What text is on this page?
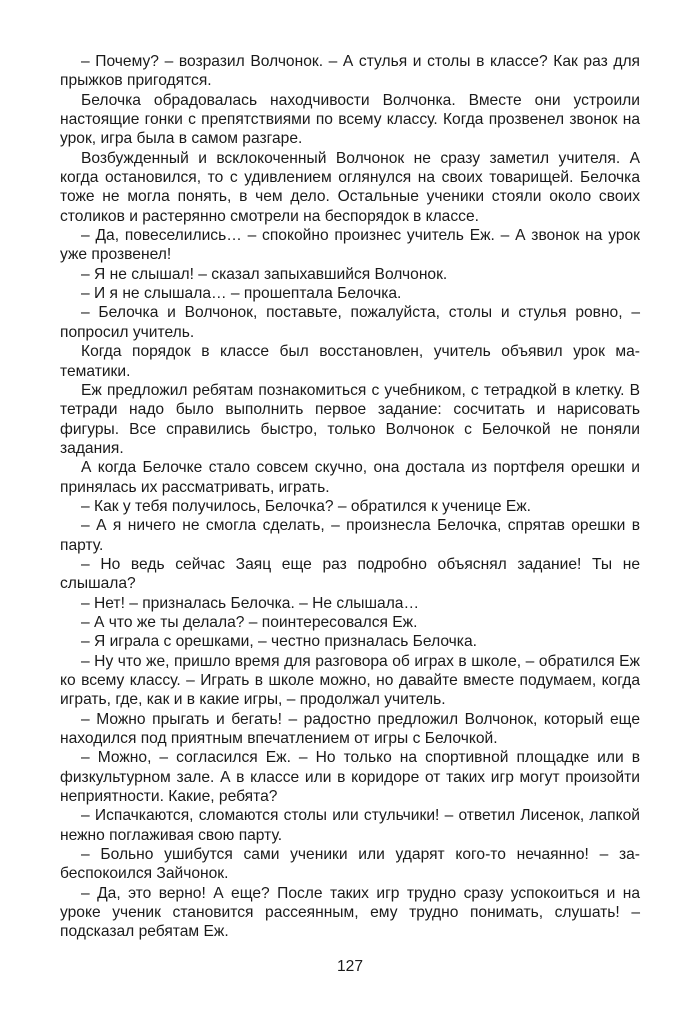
– Почему? – возразил Волчонок. – А стулья и столы в классе? Как раз для прыжков пригодятся.

Белочка обрадовалась находчивости Волчонка. Вместе они устроили настоящие гонки с препятствиями по всему классу. Когда прозвенел звонок на урок, игра была в самом разгаре.

Возбужденный и всклокоченный Волчонок не сразу заметил учителя. А когда остановился, то с удивлением оглянулся на своих товарищей. Белочка тоже не могла понять, в чем дело. Остальные ученики стояли около своих столиков и растерянно смотрели на беспорядок в классе.

– Да, повеселились… – спокойно произнес учитель Еж. – А звонок на урок уже прозвенел!

– Я не слышал! – сказал запыхавшийся Волчонок.

– И я не слышала… – прошептала Белочка.

– Белочка и Волчонок, поставьте, пожалуйста, столы и стулья ровно, – попросил учитель.

Когда порядок в классе был восстановлен, учитель объявил урок математики.

Еж предложил ребятам познакомиться с учебником, с тетрадкой в клетку. В тетради надо было выполнить первое задание: сосчитать и нарисовать фигуры. Все справились быстро, только Волчонок с Белочкой не поняли задания.

А когда Белочке стало совсем скучно, она достала из портфеля орешки и принялась их рассматривать, играть.

– Как у тебя получилось, Белочка? – обратился к ученице Еж.

– А я ничего не смогла сделать, – произнесла Белочка, спрятав орешки в парту.

– Но ведь сейчас Заяц еще раз подробно объяснял задание! Ты не слышала?

– Нет! – призналась Белочка. – Не слышала…

– А что же ты делала? – поинтересовался Еж.

– Я играла с орешками, – честно призналась Белочка.

– Ну что же, пришло время для разговора об играх в школе, – обратился Еж ко всему классу. – Играть в школе можно, но давайте вместе подумаем, когда играть, где, как и в какие игры, – продолжал учитель.

– Можно прыгать и бегать! – радостно предложил Волчонок, который еще находился под приятным впечатлением от игры с Белочкой.

– Можно, – согласился Еж. – Но только на спортивной площадке или в физкультурном зале. А в классе или в коридоре от таких игр могут произойти неприятности. Какие, ребята?

– Испачкаются, сломаются столы или стульчики! – ответил Лисенок, лапкой нежно поглаживая свою парту.

– Больно ушибутся сами ученики или ударят кого-то нечаянно! – забеспокоился Зайчонок.

– Да, это верно! А еще? После таких игр трудно сразу успокоиться и на уроке ученик становится рассеянным, ему трудно понимать, слушать! – подсказал ребятам Еж.

127
